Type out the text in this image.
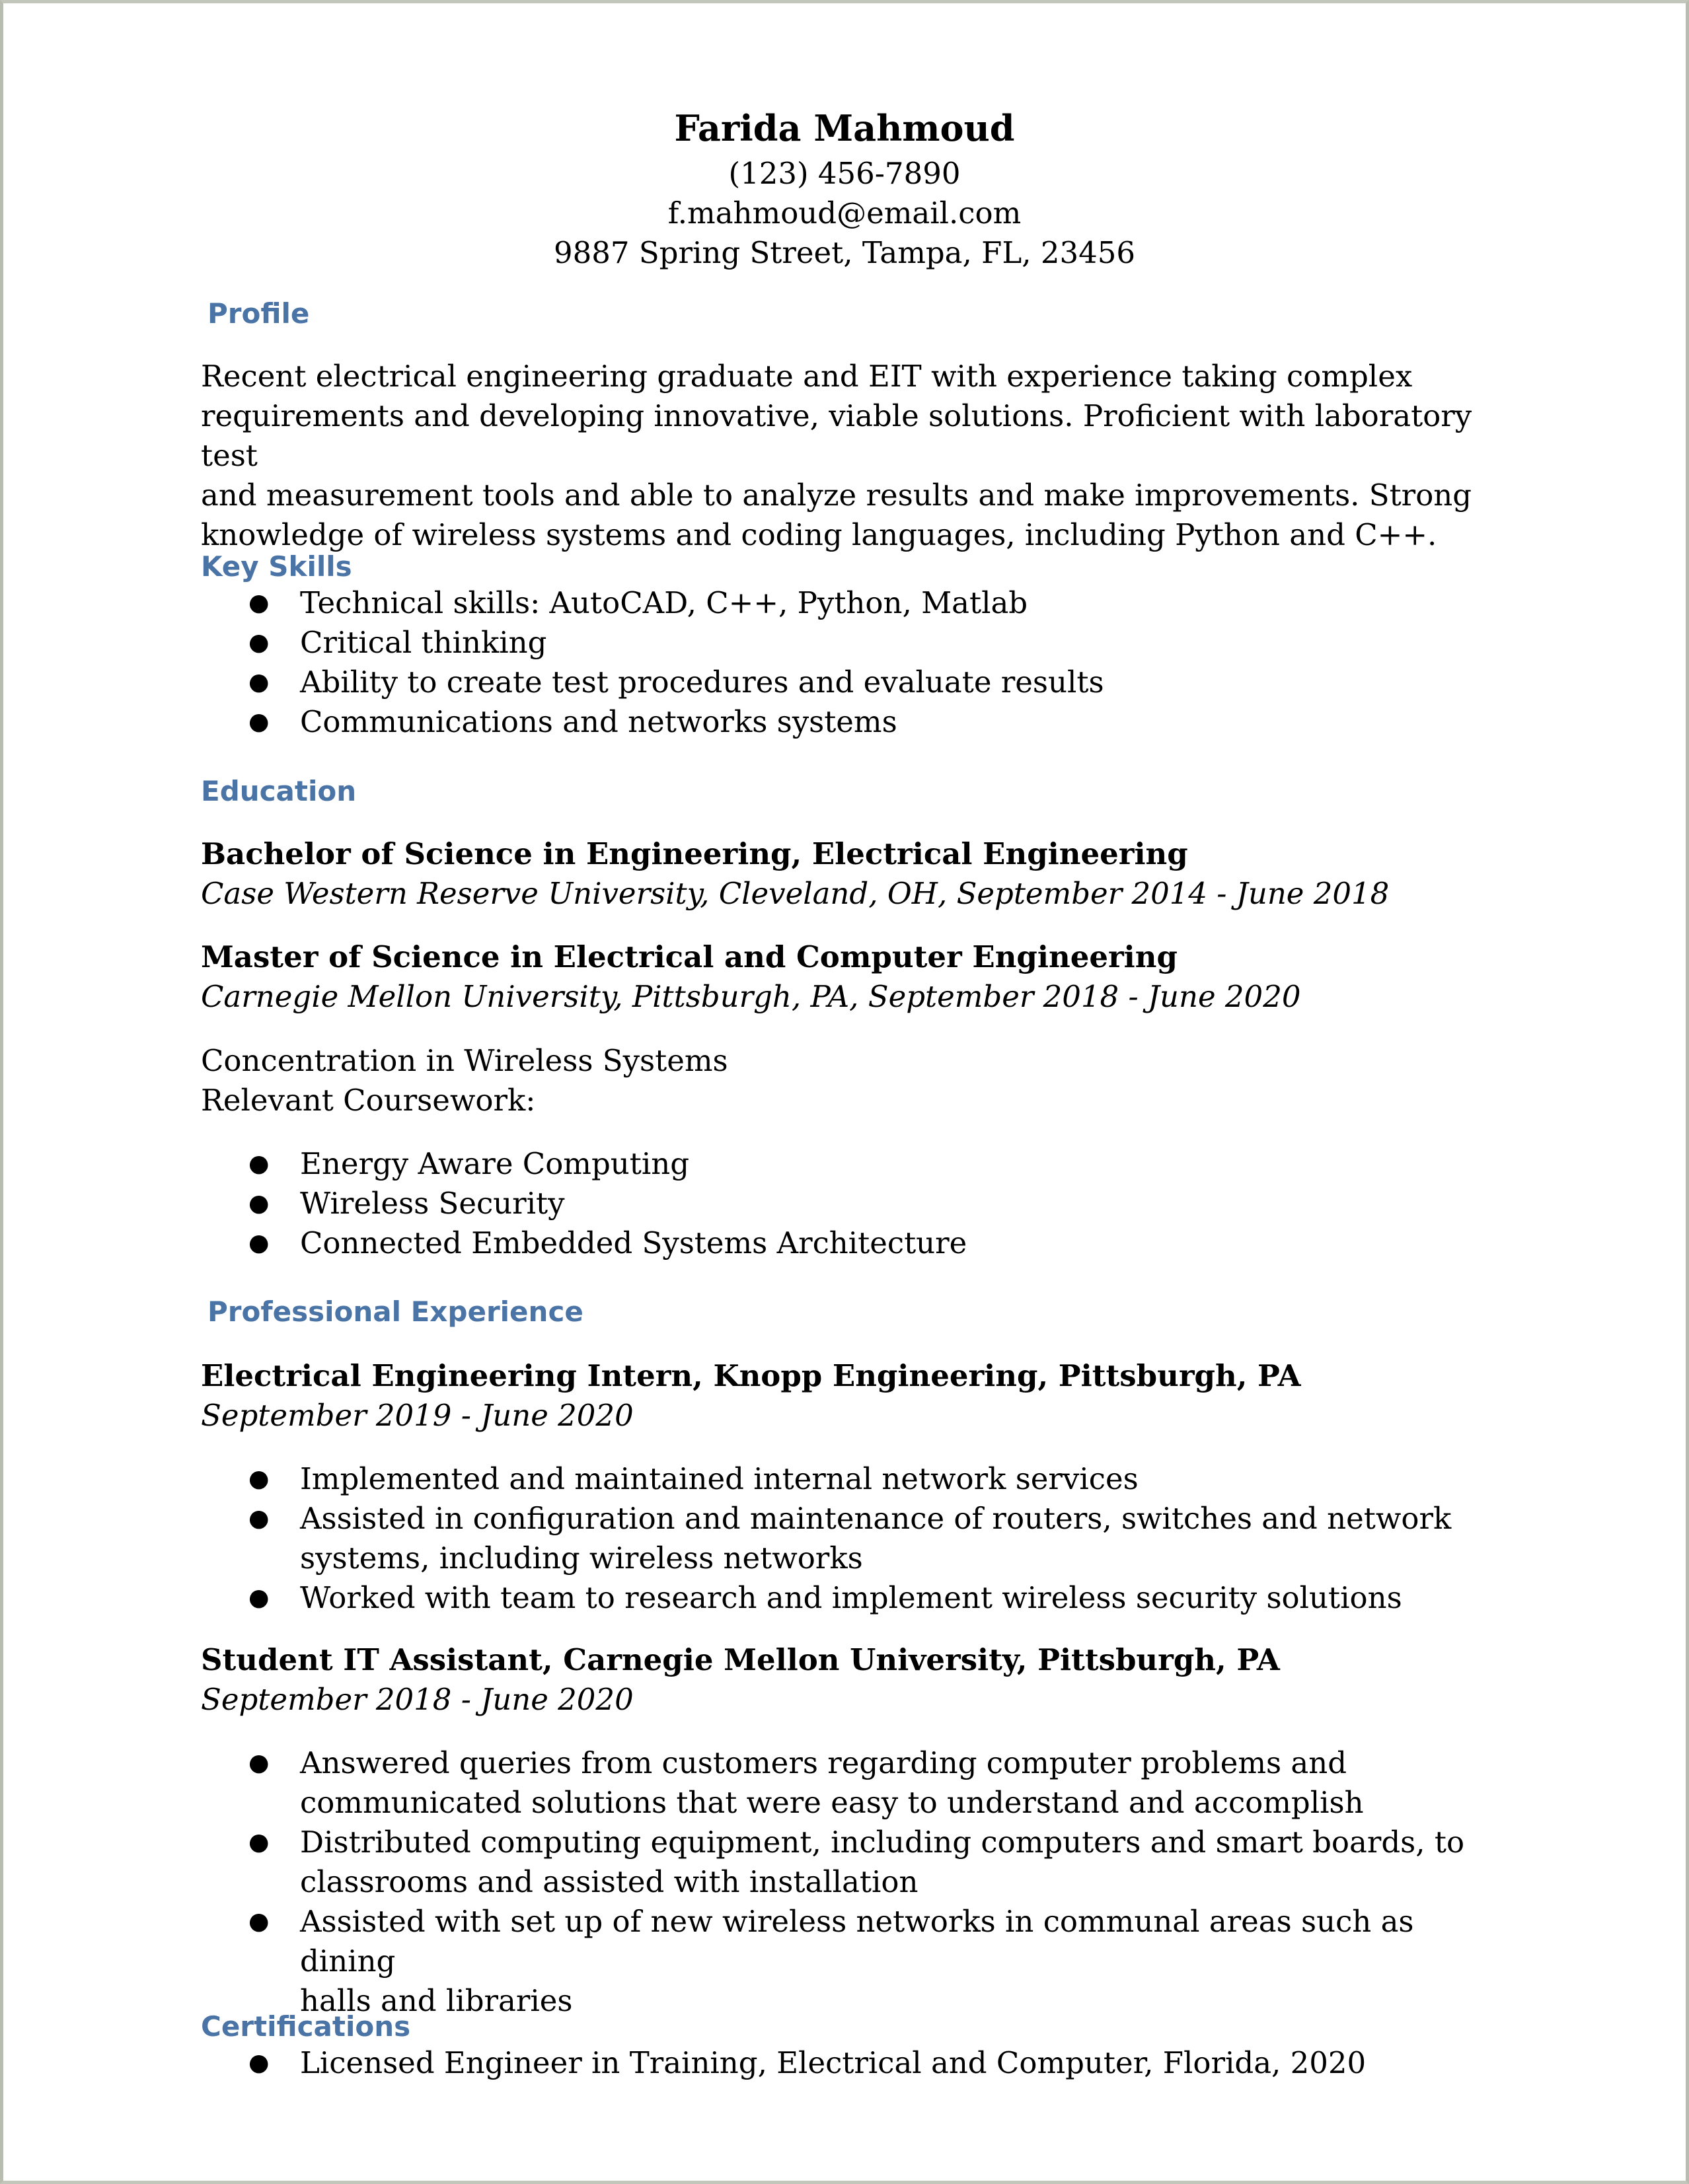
Farida Mahmoud
(123) 456-7890
f.mahmoud@email.com
9887 Spring Street, Tampa, FL, 23456
Profile
Recent electrical engineering graduate and EIT with experience taking complex
requirements and developing innovative, viable solutions. Proficient with laboratory test
and measurement tools and able to analyze results and make improvements. Strong
knowledge of wireless systems and coding languages, including Python and C++.
Key Skills
● Technical skills: AutoCAD, C++, Python, Matlab
● Critical thinking
● Ability to create test procedures and evaluate results
● Communications and networks systems
Education
Bachelor of Science in Engineering, Electrical Engineering
Case Western Reserve University, Cleveland, OH, September 2014 - June 2018
Master of Science in Electrical and Computer Engineering
Carnegie Mellon University, Pittsburgh, PA, September 2018 - June 2020
Concentration in Wireless Systems
Relevant Coursework:
● Energy Aware Computing
● Wireless Security
● Connected Embedded Systems Architecture
Professional Experience
Electrical Engineering Intern, Knopp Engineering, Pittsburgh, PA
September 2019 - June 2020
● Implemented and maintained internal network services
● Assisted in configuration and maintenance of routers, switches and network
systems, including wireless networks
● Worked with team to research and implement wireless security solutions
Student IT Assistant, Carnegie Mellon University, Pittsburgh, PA
September 2018 - June 2020
● Answered queries from customers regarding computer problems and
communicated solutions that were easy to understand and accomplish
● Distributed computing equipment, including computers and smart boards, to
classrooms and assisted with installation
● Assisted with set up of new wireless networks in communal areas such as dining
halls and libraries
Certifications
● Licensed Engineer in Training, Electrical and Computer, Florida, 2020
